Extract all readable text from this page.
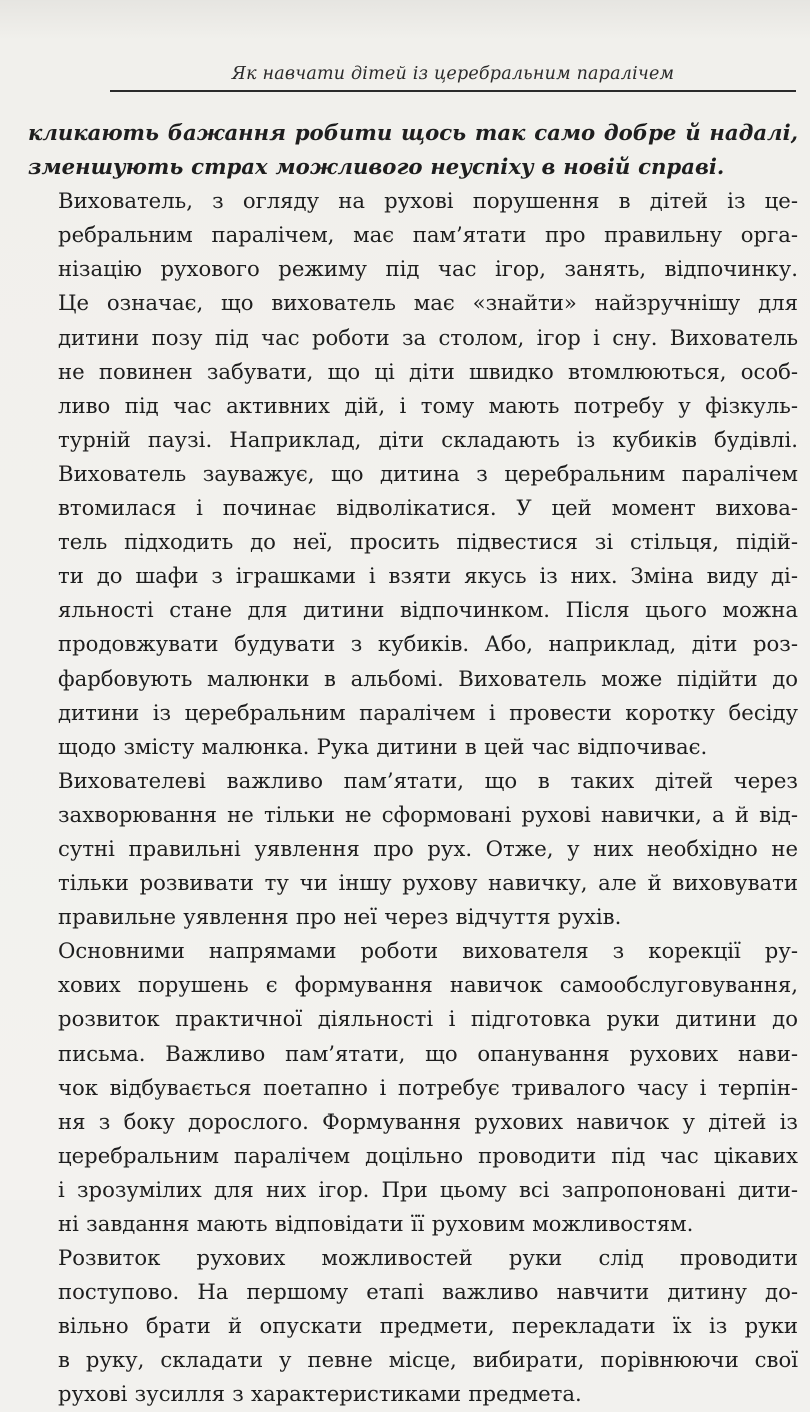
Як навчати дітей із церебральним паралічем

кликають бажання робити щось так само добре й надалі,
зменшують страх можливого неуспіху в новій справі.

Вихователь, з огляду на рухові порушення в дітей із це-
ребральним паралічем, має пам’ятати про правильну орга-
нізацію рухового режиму під час ігор, занять, відпочинку.
Це означає, що вихователь має «знайти» найзручнішу для
дитини позу під час роботи за столом, ігор і сну. Вихователь
не повинен забувати, що ці діти швидко втомлюються, особ-
ливо під час активних дій, і тому мають потребу у фізкуль-
турній паузі. Наприклад, діти складають із кубиків будівлі.
Вихователь зауважує, що дитина з церебральним паралічем
втомилася і починає відволікатися. У цей момент вихова-
тель підходить до неї, просить підвестися зі стільця, підій-
ти до шафи з іграшками і взяти якусь із них. Зміна виду ді-
яльності стане для дитини відпочинком. Після цього можна
продовжувати будувати з кубиків. Або, наприклад, діти роз-
фарбовують малюнки в альбомі. Вихователь може підійти до
дитини із церебральним паралічем і провести коротку бесіду
щодо змісту малюнка. Рука дитини в цей час відпочиває.

Вихователеві важливо пам’ятати, що в таких дітей через
захворювання не тільки не сформовані рухові навички, а й від-
сутні правильні уявлення про рух. Отже, у них необхідно не
тільки розвивати ту чи іншу рухову навичку, але й виховувати
правильне уявлення про неї через відчуття рухів.

Основними напрямами роботи вихователя з корекції ру-
хових порушень є формування навичок самообслуговування,
розвиток практичної діяльності і підготовка руки дитини до
письма. Важливо пам’ятати, що опанування рухових нави-
чок відбувається поетапно і потребує тривалого часу і терпін-
ня з боку дорослого. Формування рухових навичок у дітей із
церебральним паралічем доцільно проводити під час цікавих
і зрозумілих для них ігор. При цьому всі запропоновані дити-
ні завдання мають відповідати її руховим можливостям.

Розвиток рухових можливостей руки слід проводити
поступово. На першому етапі важливо навчити дитину до-
вільно брати й опускати предмети, перекладати їх із руки
в руку, складати у певне місце, вибирати, порівнюючи свої
рухові зусилля з характеристиками предмета.
